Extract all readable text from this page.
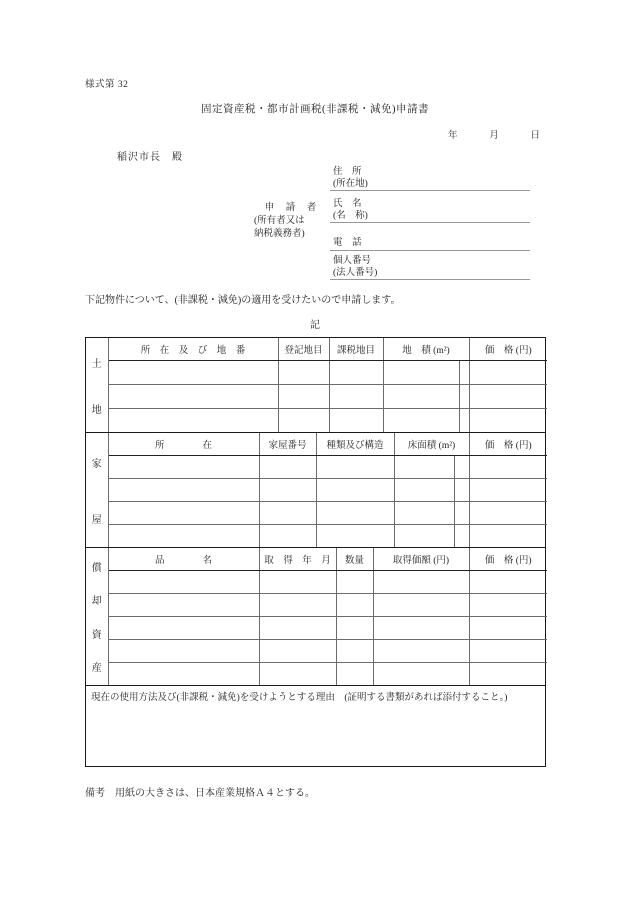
様式第 32
固定資産税・都市計画税(非課税・減免)申請書
年	月	日
稲沢市長　殿
申　請　者
(所有者又は
納税義務者)
住　所
(所在地)
氏　名
(名　称)
電　話
個人番号
(法人番号)
下記物件について、(非課税・減免)の適用を受けたいので申請します。
記
土
地	所　在　及　び　地　番	登記地目	課税地目	地　積 (m²)		価　格 (円)

家
屋	所　　　　在	家屋番号	種類及び構造	床面積 (m²)		価　格 (円)

償
却
資
産	品　　　　名	取　得　年　月	数量	取得価額 (円)	価　格 (円)

現在の使用方法及び(非課税・減免)を受けようとする理由　(証明する書類があれば添付すること。)
備考　用紙の大きさは、日本産業規格Ａ４とする。
